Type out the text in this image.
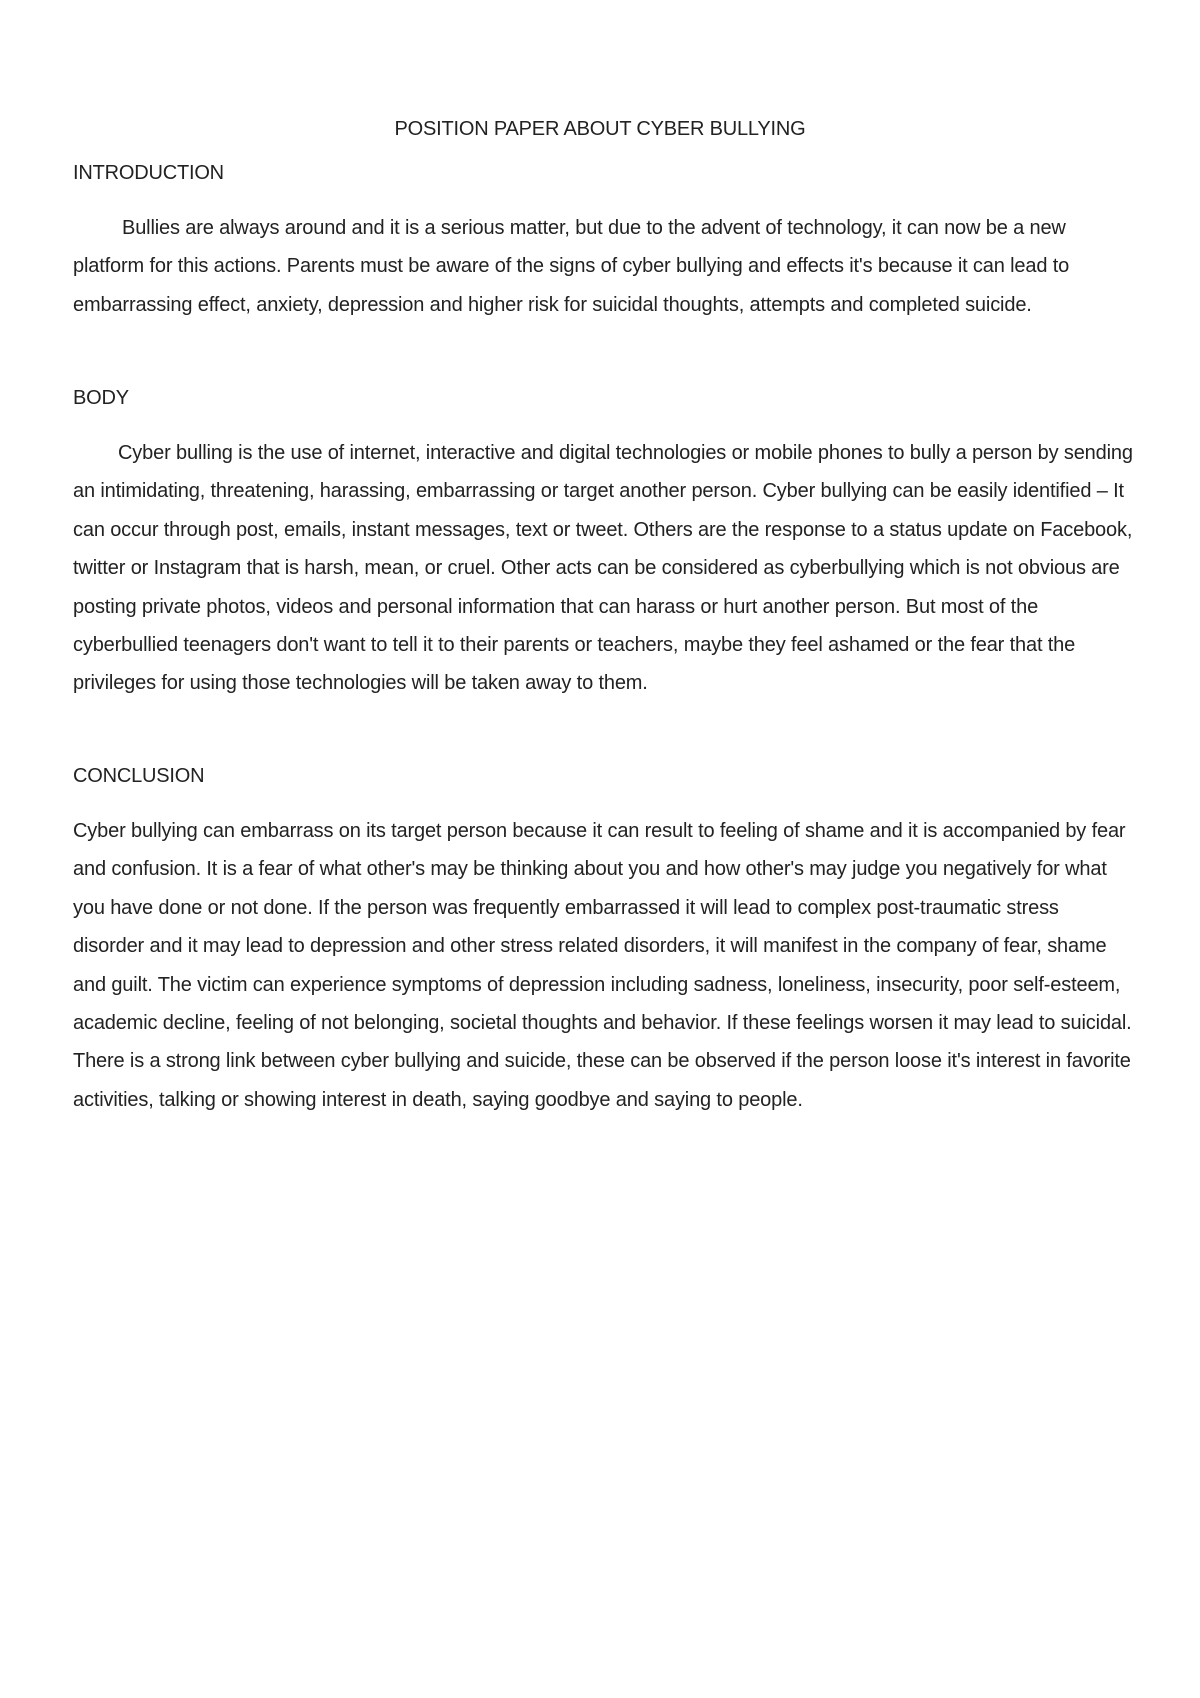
POSITION PAPER ABOUT CYBER BULLYING
INTRODUCTION

Bullies are always around and it is a serious matter, but due to the advent of technology, it can now be a new platform for this actions. Parents must be aware of the signs of cyber bullying and effects it's because it can lead to embarrassing effect, anxiety, depression and higher risk for suicidal thoughts, attempts and completed suicide.

BODY

Cyber bulling is the use of internet, interactive and digital technologies or mobile phones to bully a person by sending an intimidating, threatening, harassing, embarrassing or target another person. Cyber bullying can be easily identified – It can occur through post, emails, instant messages, text or tweet. Others are the response to a status update on Facebook, twitter or Instagram that is harsh, mean, or cruel. Other acts can be considered as cyberbullying which is not obvious are posting private photos, videos and personal information that can harass or hurt another person. But most of the cyberbullied teenagers don't want to tell it to their parents or teachers, maybe they feel ashamed or the fear that the privileges for using those technologies will be taken away to them.

CONCLUSION

Cyber bullying can embarrass on its target person because it can result to feeling of shame and it is accompanied by fear and confusion. It is a fear of what other's may be thinking about you and how other's may judge you negatively for what you have done or not done. If the person was frequently embarrassed it will lead to complex post-traumatic stress disorder and it may lead to depression and other stress related disorders, it will manifest in the company of fear, shame and guilt. The victim can experience symptoms of depression including sadness, loneliness, insecurity, poor self-esteem, academic decline, feeling of not belonging, societal thoughts and behavior. If these feelings worsen it may lead to suicidal. There is a strong link between cyber bullying and suicide, these can be observed if the person loose it's interest in favorite activities, talking or showing interest in death, saying goodbye and saying to people.
